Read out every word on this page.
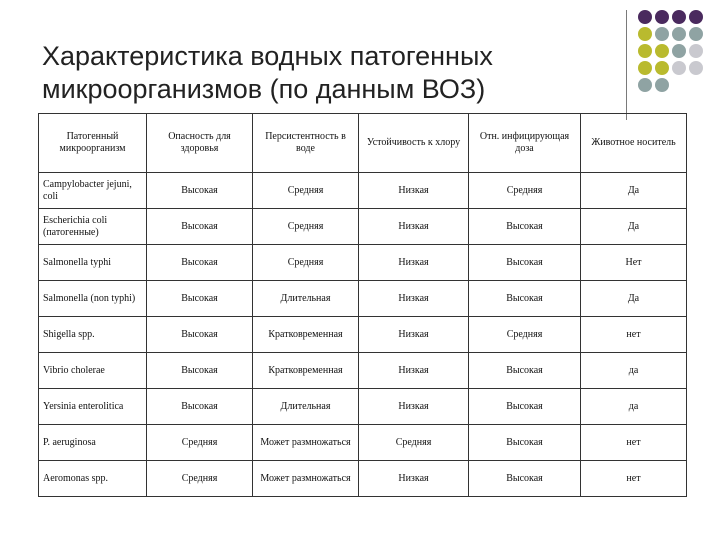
Характеристика водных патогенных микроорганизмов (по данным ВОЗ)
Патогенный микроорганизм	Опасность для здоровья	Персистентность в воде	Устойчивость к хлору	Отн. инфицирующая доза	Животное носитель
Campylobacter jejuni, coli	Высокая	Средняя	Низкая	Средняя	Да
Escherichia coli (патогенные)	Высокая	Средняя	Низкая	Высокая	Да
Salmonella typhi	Высокая	Средняя	Низкая	Высокая	Нет
Salmonella (non typhi)	Высокая	Длительная	Низкая	Высокая	Да
Shigella spp.	Высокая	Кратковременная	Низкая	Средняя	нет
Vibrio cholerae	Высокая	Кратковременная	Низкая	Высокая	да
Yersinia enterolitica	Высокая	Длительная	Низкая	Высокая	да
P. aeruginosa	Средняя	Может размножаться	Средняя	Высокая	нет
Aeromonas spp.	Средняя	Может размножаться	Низкая	Высокая	нет
